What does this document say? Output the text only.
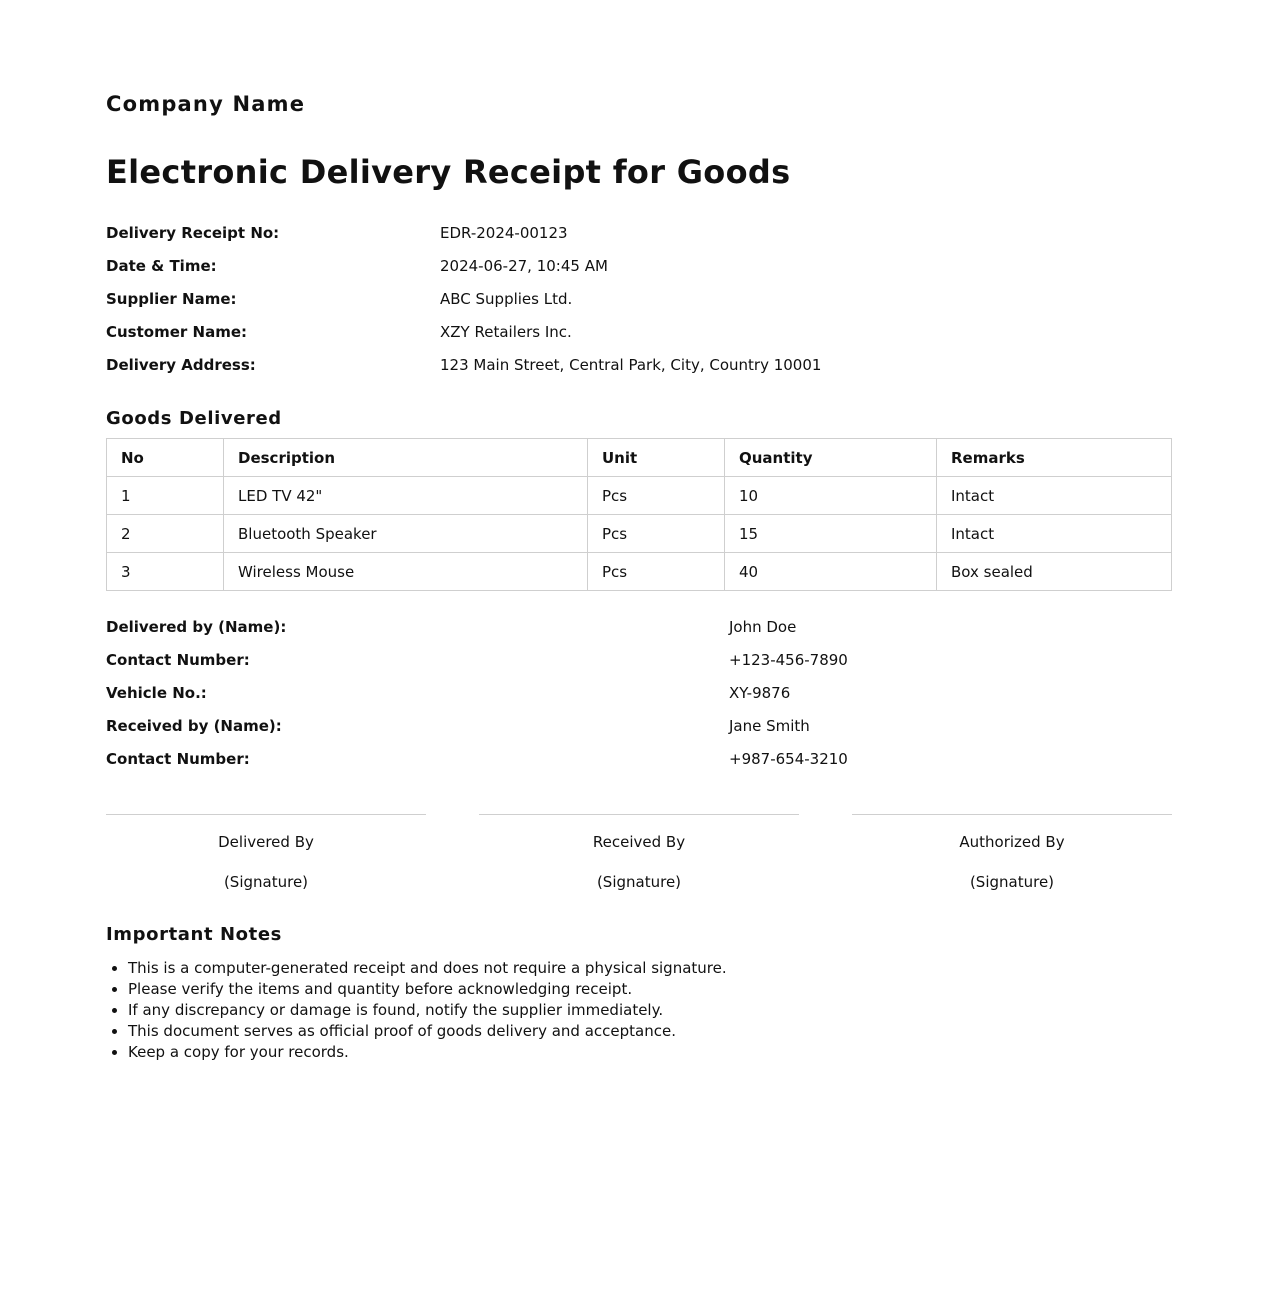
Company Name
Electronic Delivery Receipt for Goods
Delivery Receipt No:	EDR-2024-00123
Date & Time:	2024-06-27, 10:45 AM
Supplier Name:	ABC Supplies Ltd.
Customer Name:	XZY Retailers Inc.
Delivery Address:	123 Main Street, Central Park, City, Country 10001
Goods Delivered
No	Description	Unit	Quantity	Remarks
1	LED TV 42"	Pcs	10	Intact
2	Bluetooth Speaker	Pcs	15	Intact
3	Wireless Mouse	Pcs	40	Box sealed
Delivered by (Name):	John Doe
Contact Number:	+123-456-7890
Vehicle No.:	XY-9876
Received by (Name):	Jane Smith
Contact Number:	+987-654-3210
Delivered By
(Signature)
Received By
(Signature)
Authorized By
(Signature)
Important Notes
• This is a computer-generated receipt and does not require a physical signature.
• Please verify the items and quantity before acknowledging receipt.
• If any discrepancy or damage is found, notify the supplier immediately.
• This document serves as official proof of goods delivery and acceptance.
• Keep a copy for your records.
